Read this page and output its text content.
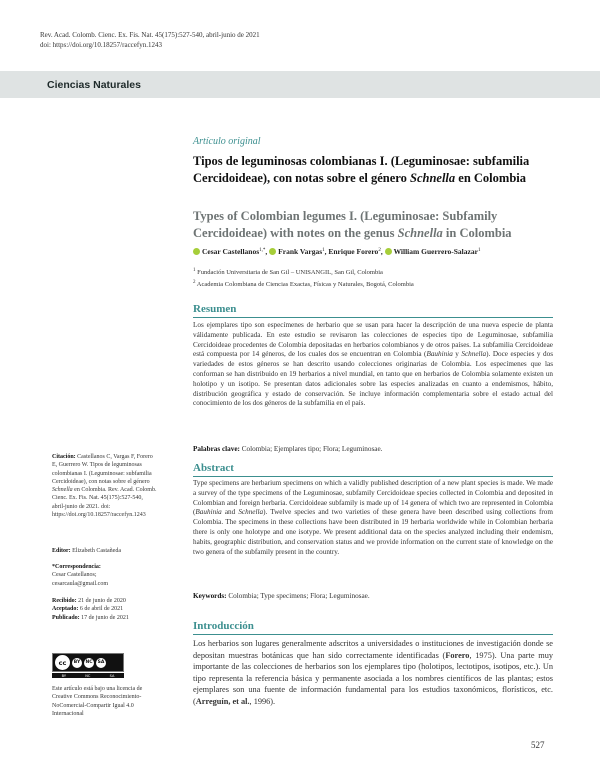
Rev. Acad. Colomb. Cienc. Ex. Fis. Nat. 45(175):527-540, abril-junio de 2021
doi: https://doi.org/10.18257/raccefyn.1243
Ciencias Naturales
Artículo original
Tipos de leguminosas colombianas I. (Leguminosae: subfamilia Cercidoideae), con notas sobre el género Schnella en Colombia
Types of Colombian legumes I. (Leguminosae: Subfamily Cercidoideae) with notes on the genus Schnella in Colombia
Cesar Castellanos$^{1,*}$, Frank Vargas$^1$, Enrique Forero$^2$, William Guerrero-Salazar$^1$
$^1$ Fundación Universitaria de San Gil – UNISANGIL, San Gil, Colombia
$^2$ Academia Colombiana de Ciencias Exactas, Físicas y Naturales, Bogotá, Colombia
Resumen
Los ejemplares tipo son especímenes de herbario que se usan para hacer la descripción de una nueva especie de planta válidamente publicada. En este estudio se revisaron las colecciones de especies tipo de Leguminosae, subfamilia Cercidoideae procedentes de Colombia depositadas en herbarios colombianos y de otros países. La subfamilia Cercidoideae está compuesta por 14 géneros, de los cuales dos se encuentran en Colombia (Bauhinia y Schnella). Doce especies y dos variedades de estos géneros se han descrito usando colecciones originarias de Colombia. Los especímenes que las conforman se han distribuido en 19 herbarios a nivel mundial, en tanto que en herbarios de Colombia solamente existen un holotipo y un isotipo. Se presentan datos adicionales sobre las especies analizadas en cuanto a endemismos, hábito, distribución geográfica y estado de conservación. Se incluye información complementaria sobre el estado actual del conocimiento de los dos géneros de la subfamilia en el país.
Palabras clave: Colombia; Ejemplares tipo; Flora; Leguminosae.
Abstract
Type specimens are herbarium specimens on which a validly published description of a new plant species is made. We made a survey of the type specimens of the Leguminosae, subfamily Cercidoideae species collected in Colombia and deposited in Colombian and foreign herbaria. Cercidoideae subfamily is made up of 14 genera of which two are represented in Colombia (Bauhinia and Schnella). Twelve species and two varieties of these genera have been described using collections from Colombia. The specimens in these collections have been distributed in 19 herbaria worldwide while in Colombian herbaria there is only one holotype and one isotype. We present additional data on the species analyzed including their endemism, habits, geographic distribution, and conservation status and we provide information on the current state of knowledge on the two genera of the subfamily present in the country.
Keywords: Colombia; Type specimens; Flora; Leguminosae.
Introducción
Los herbarios son lugares generalmente adscritos a universidades o instituciones de investigación donde se depositan muestras botánicas que han sido correctamente identificadas (Forero, 1975). Una parte muy importante de las colecciones de herbarios son los ejemplares tipo (holotipos, lectotipos, isotipos, etc.). Un tipo representa la referencia básica y permanente asociada a los nombres científicos de las plantas; estos ejemplares son una fuente de información fundamental para los estudios taxonómicos, florísticos, etc. (Arreguín, et al., 1996).
Citación: Castellanos C, Vargas F, Forero E, Guerrero W. Tipos de leguminosas colombianas I. (Leguminosae: subfamilia Cercidoideae), con notas sobre el género Schnella en Colombia. Rev. Acad. Colomb. Cienc. Ex. Fis. Nat. 45(175):527-540, abril-junio de 2021. doi: https://doi.org/10.18257/raccefyn.1243
Editor: Elizabeth Castañeda
*Correspondencia:
Cesar Castellanos;
cesarcaula@gmail.com
Recibido: 21 de junio de 2020
Aceptado: 6 de abril de 2021
Publicado: 17 de junio de 2021
cc	BY	NC	SA
BY	NC	SA
Este artículo está bajo una licencia de Creative Commons Reconocimiento-NoComercial-Compartir Igual 4.0 Internacional
527
